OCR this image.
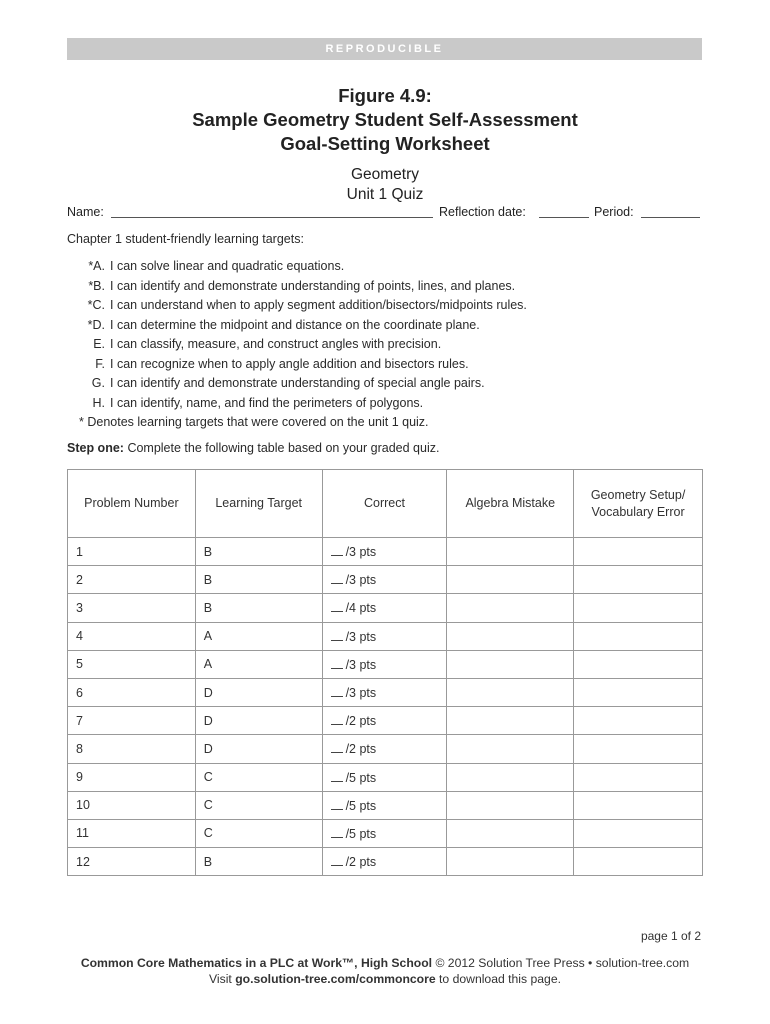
REPRODUCIBLE
Figure 4.9:
Sample Geometry Student Self-Assessment
Goal-Setting Worksheet
Geometry
Unit 1 Quiz
Name:	Reflection date:	Period:
Chapter 1 student-friendly learning targets:
*A. I can solve linear and quadratic equations.
*B. I can identify and demonstrate understanding of points, lines, and planes.
*C. I can understand when to apply segment addition/bisectors/midpoints rules.
*D. I can determine the midpoint and distance on the coordinate plane.
E. I can classify, measure, and construct angles with precision.
F. I can recognize when to apply angle addition and bisectors rules.
G. I can identify and demonstrate understanding of special angle pairs.
H. I can identify, name, and find the perimeters of polygons.
* Denotes learning targets that were covered on the unit 1 quiz.
Step one: Complete the following table based on your graded quiz.
Problem Number	Learning Target	Correct	Algebra Mistake	Geometry Setup/
Vocabulary Error
1	B	/3 pts		
2	B	/3 pts		
3	B	/4 pts		
4	A	/3 pts		
5	A	/3 pts		
6	D	/3 pts		
7	D	/2 pts		
8	D	/2 pts		
9	C	/5 pts		
10	C	/5 pts		
11	C	/5 pts		
12	B	/2 pts		
page 1 of 2
Common Core Mathematics in a PLC at Work™, High School © 2012 Solution Tree Press • solution-tree.com
Visit go.solution-tree.com/commoncore to download this page.
